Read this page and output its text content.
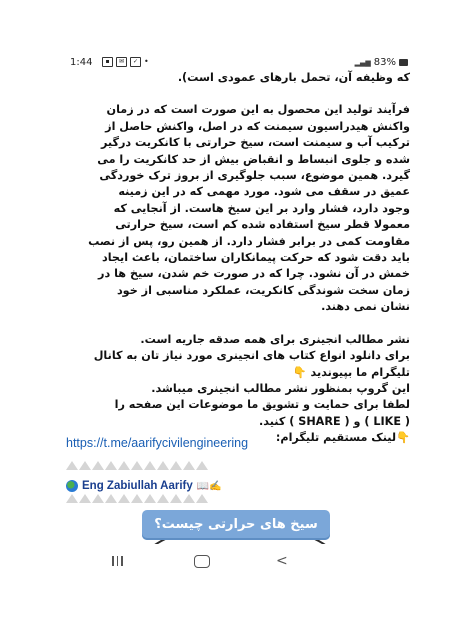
1:44	▪	✉	✓ •	▂▄▆ 83%

که وظیفه آن، تحمل بارهای عمودی است).

فرآیند تولید این محصول به این صورت است که در زمان
واکنش هیدراسیون سیمنت که در اصل، واکنش حاصل از
ترکیب آب و سیمنت است، سیخ حرارتی با کانکریت درگیر
شده و جلوی انبساط و انقباض بیش از حد کانکریت را می
گیرد. همین موضوع، سبب جلوگیری از بروز ترک خوردگی
عمیق در سقف می شود. مورد مهمی که در این زمینه
وجود دارد، فشار وارد بر این سیخ هاست. از آنجایی که
معمولا قطر سیخ استفاده شده کم است، سیخ حرارتی
مقاومت کمی در برابر فشار دارد. از همین رو، پس از نصب
باید دقت شود که حرکت پیمانکاران ساختمان، باعث ایجاد
خمش در آن نشود. چرا که در صورت خم شدن، سیخ ها در
زمان سخت شوندگی کانکریت، عملکرد مناسبی از خود
نشان نمی دهند.

نشر مطالب انجینری برای همه صدقه جاریه است.
برای دانلود انواع کتاب های انجینری مورد نیاز تان به کانال
تلیگرام ما بپیوندید 👇
این گروپ بمنظور نشر مطالب انجینری میباشد.
لطفا برای حمایت و تشویق ما موضوعات این صفحه را
( LIKE ) و ( SHARE ) کنید.
👇لینک مستقیم تلیگرام:

https://t.me/aarifycivilengineering
Eng Zabiullah Aarify 📖✍
سیخ های حرارتی چیست؟
<
